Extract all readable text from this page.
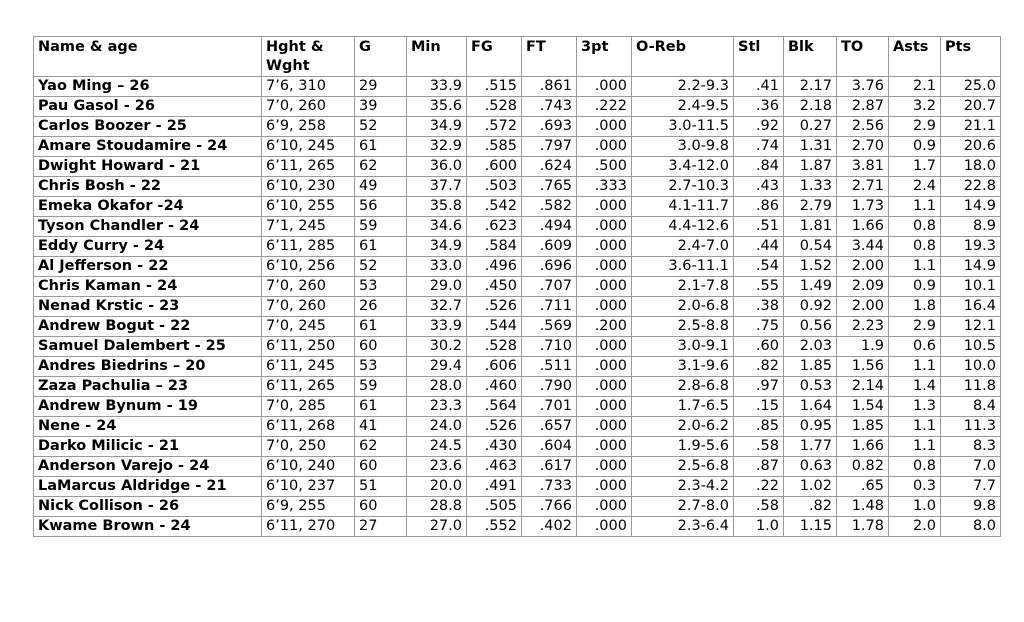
Name & age	Hght & Wght	G	Min	FG	FT	3pt	O-Reb	Stl	Blk	TO	Asts	Pts
Yao Ming – 26	7’6, 310	29	33.9	.515	.861	.000	2.2-9.3	.41	2.17	3.76	2.1	25.0
Pau Gasol - 26	7’0, 260	39	35.6	.528	.743	.222	2.4-9.5	.36	2.18	2.87	3.2	20.7
Carlos Boozer - 25	6’9, 258	52	34.9	.572	.693	.000	3.0-11.5	.92	0.27	2.56	2.9	21.1
Amare Stoudamire - 24	6’10, 245	61	32.9	.585	.797	.000	3.0-9.8	.74	1.31	2.70	0.9	20.6
Dwight Howard - 21	6’11, 265	62	36.0	.600	.624	.500	3.4-12.0	.84	1.87	3.81	1.7	18.0
Chris Bosh - 22	6’10, 230	49	37.7	.503	.765	.333	2.7-10.3	.43	1.33	2.71	2.4	22.8
Emeka Okafor -24	6’10, 255	56	35.8	.542	.582	.000	4.1-11.7	.86	2.79	1.73	1.1	14.9
Tyson Chandler - 24	7’1, 245	59	34.6	.623	.494	.000	4.4-12.6	.51	1.81	1.66	0.8	8.9
Eddy Curry - 24	6’11, 285	61	34.9	.584	.609	.000	2.4-7.0	.44	0.54	3.44	0.8	19.3
Al Jefferson - 22	6’10, 256	52	33.0	.496	.696	.000	3.6-11.1	.54	1.52	2.00	1.1	14.9
Chris Kaman - 24	7’0, 260	53	29.0	.450	.707	.000	2.1-7.8	.55	1.49	2.09	0.9	10.1
Nenad Krstic - 23	7’0, 260	26	32.7	.526	.711	.000	2.0-6.8	.38	0.92	2.00	1.8	16.4
Andrew Bogut - 22	7’0, 245	61	33.9	.544	.569	.200	2.5-8.8	.75	0.56	2.23	2.9	12.1
Samuel Dalembert - 25	6’11, 250	60	30.2	.528	.710	.000	3.0-9.1	.60	2.03	1.9	0.6	10.5
Andres Biedrins – 20	6’11, 245	53	29.4	.606	.511	.000	3.1-9.6	.82	1.85	1.56	1.1	10.0
Zaza Pachulia – 23	6’11, 265	59	28.0	.460	.790	.000	2.8-6.8	.97	0.53	2.14	1.4	11.8
Andrew Bynum - 19	7’0, 285	61	23.3	.564	.701	.000	1.7-6.5	.15	1.64	1.54	1.3	8.4
Nene - 24	6’11, 268	41	24.0	.526	.657	.000	2.0-6.2	.85	0.95	1.85	1.1	11.3
Darko Milicic - 21	7’0, 250	62	24.5	.430	.604	.000	1.9-5.6	.58	1.77	1.66	1.1	8.3
Anderson Varejo - 24	6’10, 240	60	23.6	.463	.617	.000	2.5-6.8	.87	0.63	0.82	0.8	7.0
LaMarcus Aldridge - 21	6’10, 237	51	20.0	.491	.733	.000	2.3-4.2	.22	1.02	.65	0.3	7.7
Nick Collison - 26	6’9, 255	60	28.8	.505	.766	.000	2.7-8.0	.58	.82	1.48	1.0	9.8
Kwame Brown - 24	6’11, 270	27	27.0	.552	.402	.000	2.3-6.4	1.0	1.15	1.78	2.0	8.0
